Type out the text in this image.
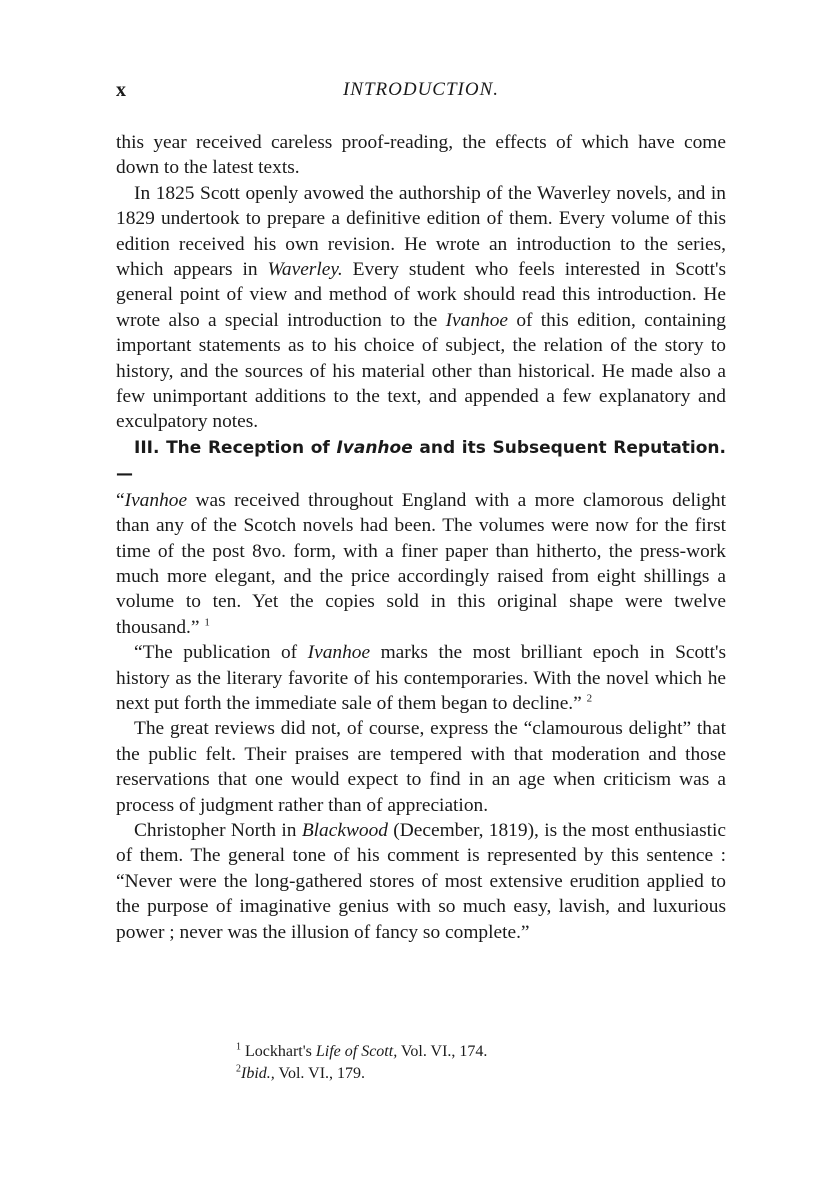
x	INTRODUCTION.

this year received careless proof-reading, the effects of which have come down to the latest texts.

In 1825 Scott openly avowed the authorship of the Waverley novels, and in 1829 undertook to prepare a definitive edition of them. Every volume of this edition received his own revision. He wrote an introduction to the series, which appears in Waverley. Every student who feels interested in Scott's general point of view and method of work should read this introduction. He wrote also a special introduction to the Ivanhoe of this edition, containing important statements as to his choice of subject, the relation of the story to history, and the sources of his material other than historical. He made also a few unimportant additions to the text, and appended a few explanatory and exculpatory notes.

III. The Reception of Ivanhoe and its Subsequent Reputation.—
“Ivanhoe was received throughout England with a more clamorous delight than any of the Scotch novels had been. The volumes were now for the first time of the post 8vo. form, with a finer paper than hitherto, the press-work much more elegant, and the price accordingly raised from eight shillings a volume to ten. Yet the copies sold in this original shape were twelve thousand.” $^1$

“The publication of Ivanhoe marks the most brilliant epoch in Scott's history as the literary favorite of his contemporaries. With the novel which he next put forth the immediate sale of them began to decline.” $^2$

The great reviews did not, of course, express the “clamourous delight” that the public felt. Their praises are tempered with that moderation and those reservations that one would expect to find in an age when criticism was a process of judgment rather than of appreciation.

Christopher North in Blackwood (December, 1819), is the most enthusiastic of them. The general tone of his comment is represented by this sentence : “Never were the long-gathered stores of most extensive erudition applied to the purpose of imaginative genius with so much easy, lavish, and luxurious power ; never was the illusion of fancy so complete.”

$^1$ Lockhart's Life of Scott, Vol. VI., 174.

$^2$Ibid., Vol. VI., 179.
